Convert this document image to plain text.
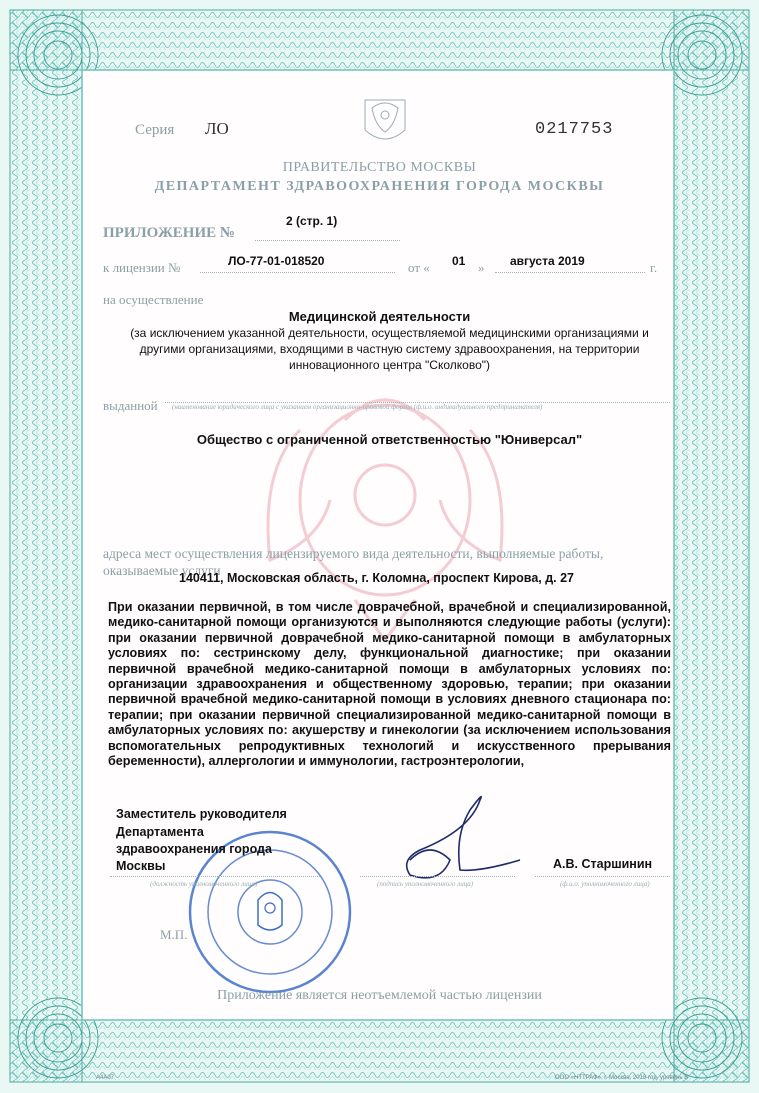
Серия ЛО	0217753
ПРАВИТЕЛЬСТВО МОСКВЫ
ДЕПАРТАМЕНТ ЗДРАВООХРАНЕНИЯ ГОРОДА МОСКВЫ
ПРИЛОЖЕНИЕ №
2 (стр. 1)
к лицензии №	ЛО-77-01-018520	от « 01 » августа 2019	г.
на осуществление
Медицинской деятельности
(за исключением указанной деятельности, осуществляемой медицинскими организациями и другими организациями, входящими в частную систему здравоохранения, на территории инновационного центра "Сколково")
выданной (наименование юридического лица с указанием организационно-правовой формы (ф.и.о. индивидуального предпринимателя)
Общество с ограниченной ответственностью "Юниверсал"
адреса мест осуществления лицензируемого вида деятельности, выполняемые работы, оказываемые услуги
140411, Московская область, г. Коломна, проспект Кирова, д. 27
При оказании первичной, в том числе доврачебной, врачебной и специализированной, медико-санитарной помощи организуются и выполняются следующие работы (услуги): при оказании первичной доврачебной медико-санитарной помощи в амбулаторных условиях по: сестринскому делу, функциональной диагностике; при оказании первичной врачебной медико-санитарной помощи в амбулаторных условиях по: организации здравоохранения и общественному здоровью, терапии; при оказании первичной врачебной медико-санитарной помощи в условиях дневного стационара по: терапии; при оказании первичной специализированной медико-санитарной помощи в амбулаторных условиях по: акушерству и гинекологии (за исключением использования вспомогательных репродуктивных технологий и искусственного прерывания беременности), аллергологии и иммунологии, гастроэнтерологии,
Заместитель руководителя
Департамента
здравоохранения города
Москвы	А.В. Старшинин
(должность уполномоченного лица)	(подпись уполномоченного лица)	(ф.и.о. уполномоченного лица)
М.П.
Приложение является неотъемлемой частью лицензии
А4А07	ООО «НТТРАФ», г. Москва, 2018 год, уровень Б
